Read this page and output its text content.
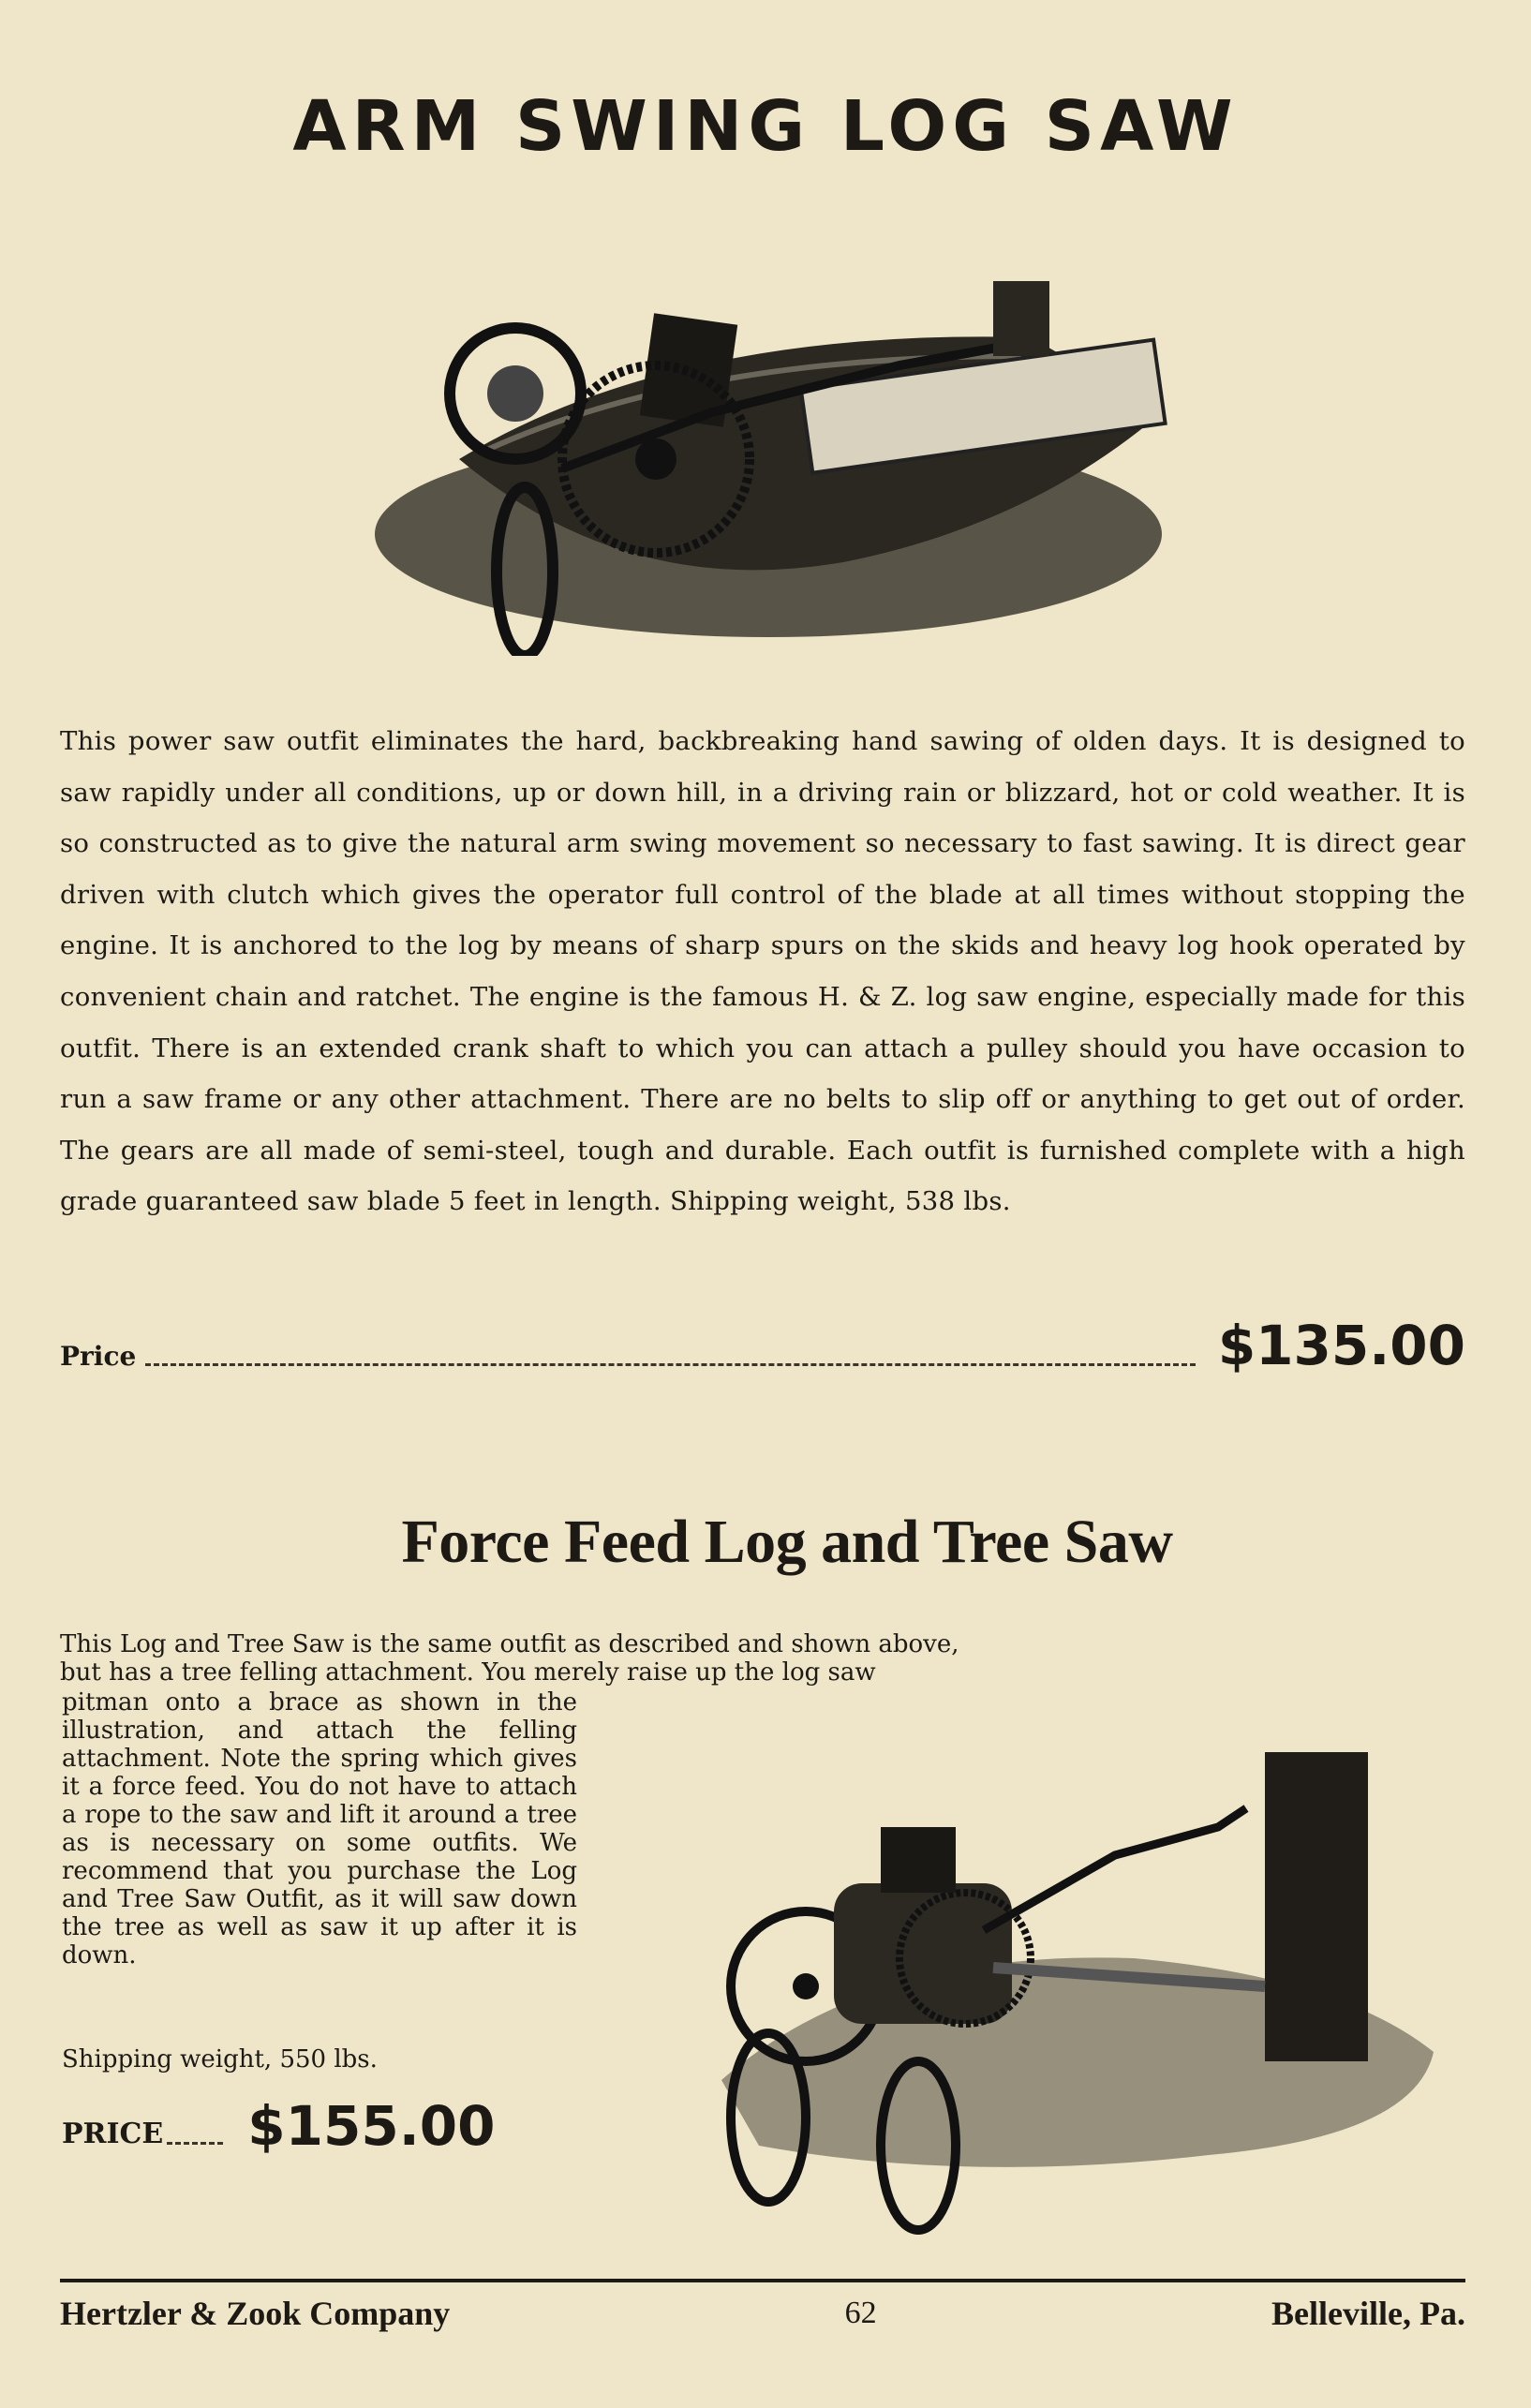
ARM SWING LOG SAW

This power saw outfit eliminates the hard, backbreaking hand sawing of olden days. It is designed to saw rapidly under all conditions, up or down hill, in a driving rain or blizzard, hot or cold weather. It is so constructed as to give the natural arm swing movement so necessary to fast sawing. It is direct gear driven with clutch which gives the operator full control of the blade at all times without stopping the engine. It is anchored to the log by means of sharp spurs on the skids and heavy log hook operated by convenient chain and ratchet. The engine is the famous H. & Z. log saw engine, especially made for this outfit. There is an extended crank shaft to which you can attach a pulley should you have occasion to run a saw frame or any other attachment. There are no belts to slip off or anything to get out of order. The gears are all made of semi-steel, tough and durable. Each outfit is furnished complete with a high grade guaranteed saw blade 5 feet in length. Shipping weight, 538 lbs.

Price	$135.00
Force Feed Log and Tree Saw
This Log and Tree Saw is the same outfit as described and shown above,
but has a tree felling attachment. You merely raise up the log saw

pitman onto a brace as shown in the illustration, and attach the felling attachment. Note the spring which gives it a force feed. You do not have to attach a rope to the saw and lift it around a tree as is necessary on some outfits. We recommend that you purchase the Log and Tree Saw Outfit, as it will saw down the tree as well as saw it up after it is down.

Shipping weight, 550 lbs.

PRICE $155.00
Hertzler & Zook Company	62	Belleville, Pa.
